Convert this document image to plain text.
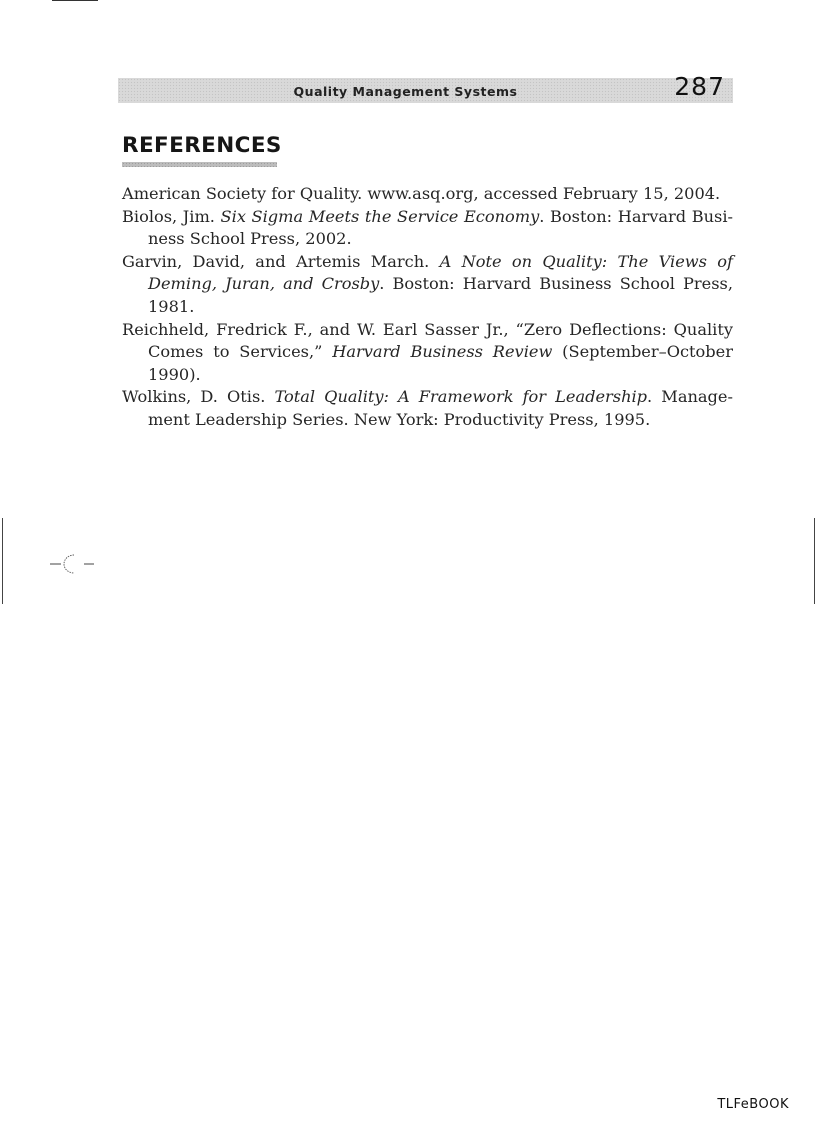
Quality Management Systems	287
REFERENCES
American Society for Quality. www.asq.org, accessed February 15, 2004.
Biolos, Jim. Six Sigma Meets the Service Economy. Boston: Harvard Business School Press, 2002.
Garvin, David, and Artemis March. A Note on Quality: The Views of Deming, Juran, and Crosby. Boston: Harvard Business School Press, 1981.
Reichheld, Fredrick F., and W. Earl Sasser Jr., “Zero Deflections: Quality Comes to Services,” Harvard Business Review (September–October 1990).
Wolkins, D. Otis. Total Quality: A Framework for Leadership. Management Leadership Series. New York: Productivity Press, 1995.
TLFeBOOK
